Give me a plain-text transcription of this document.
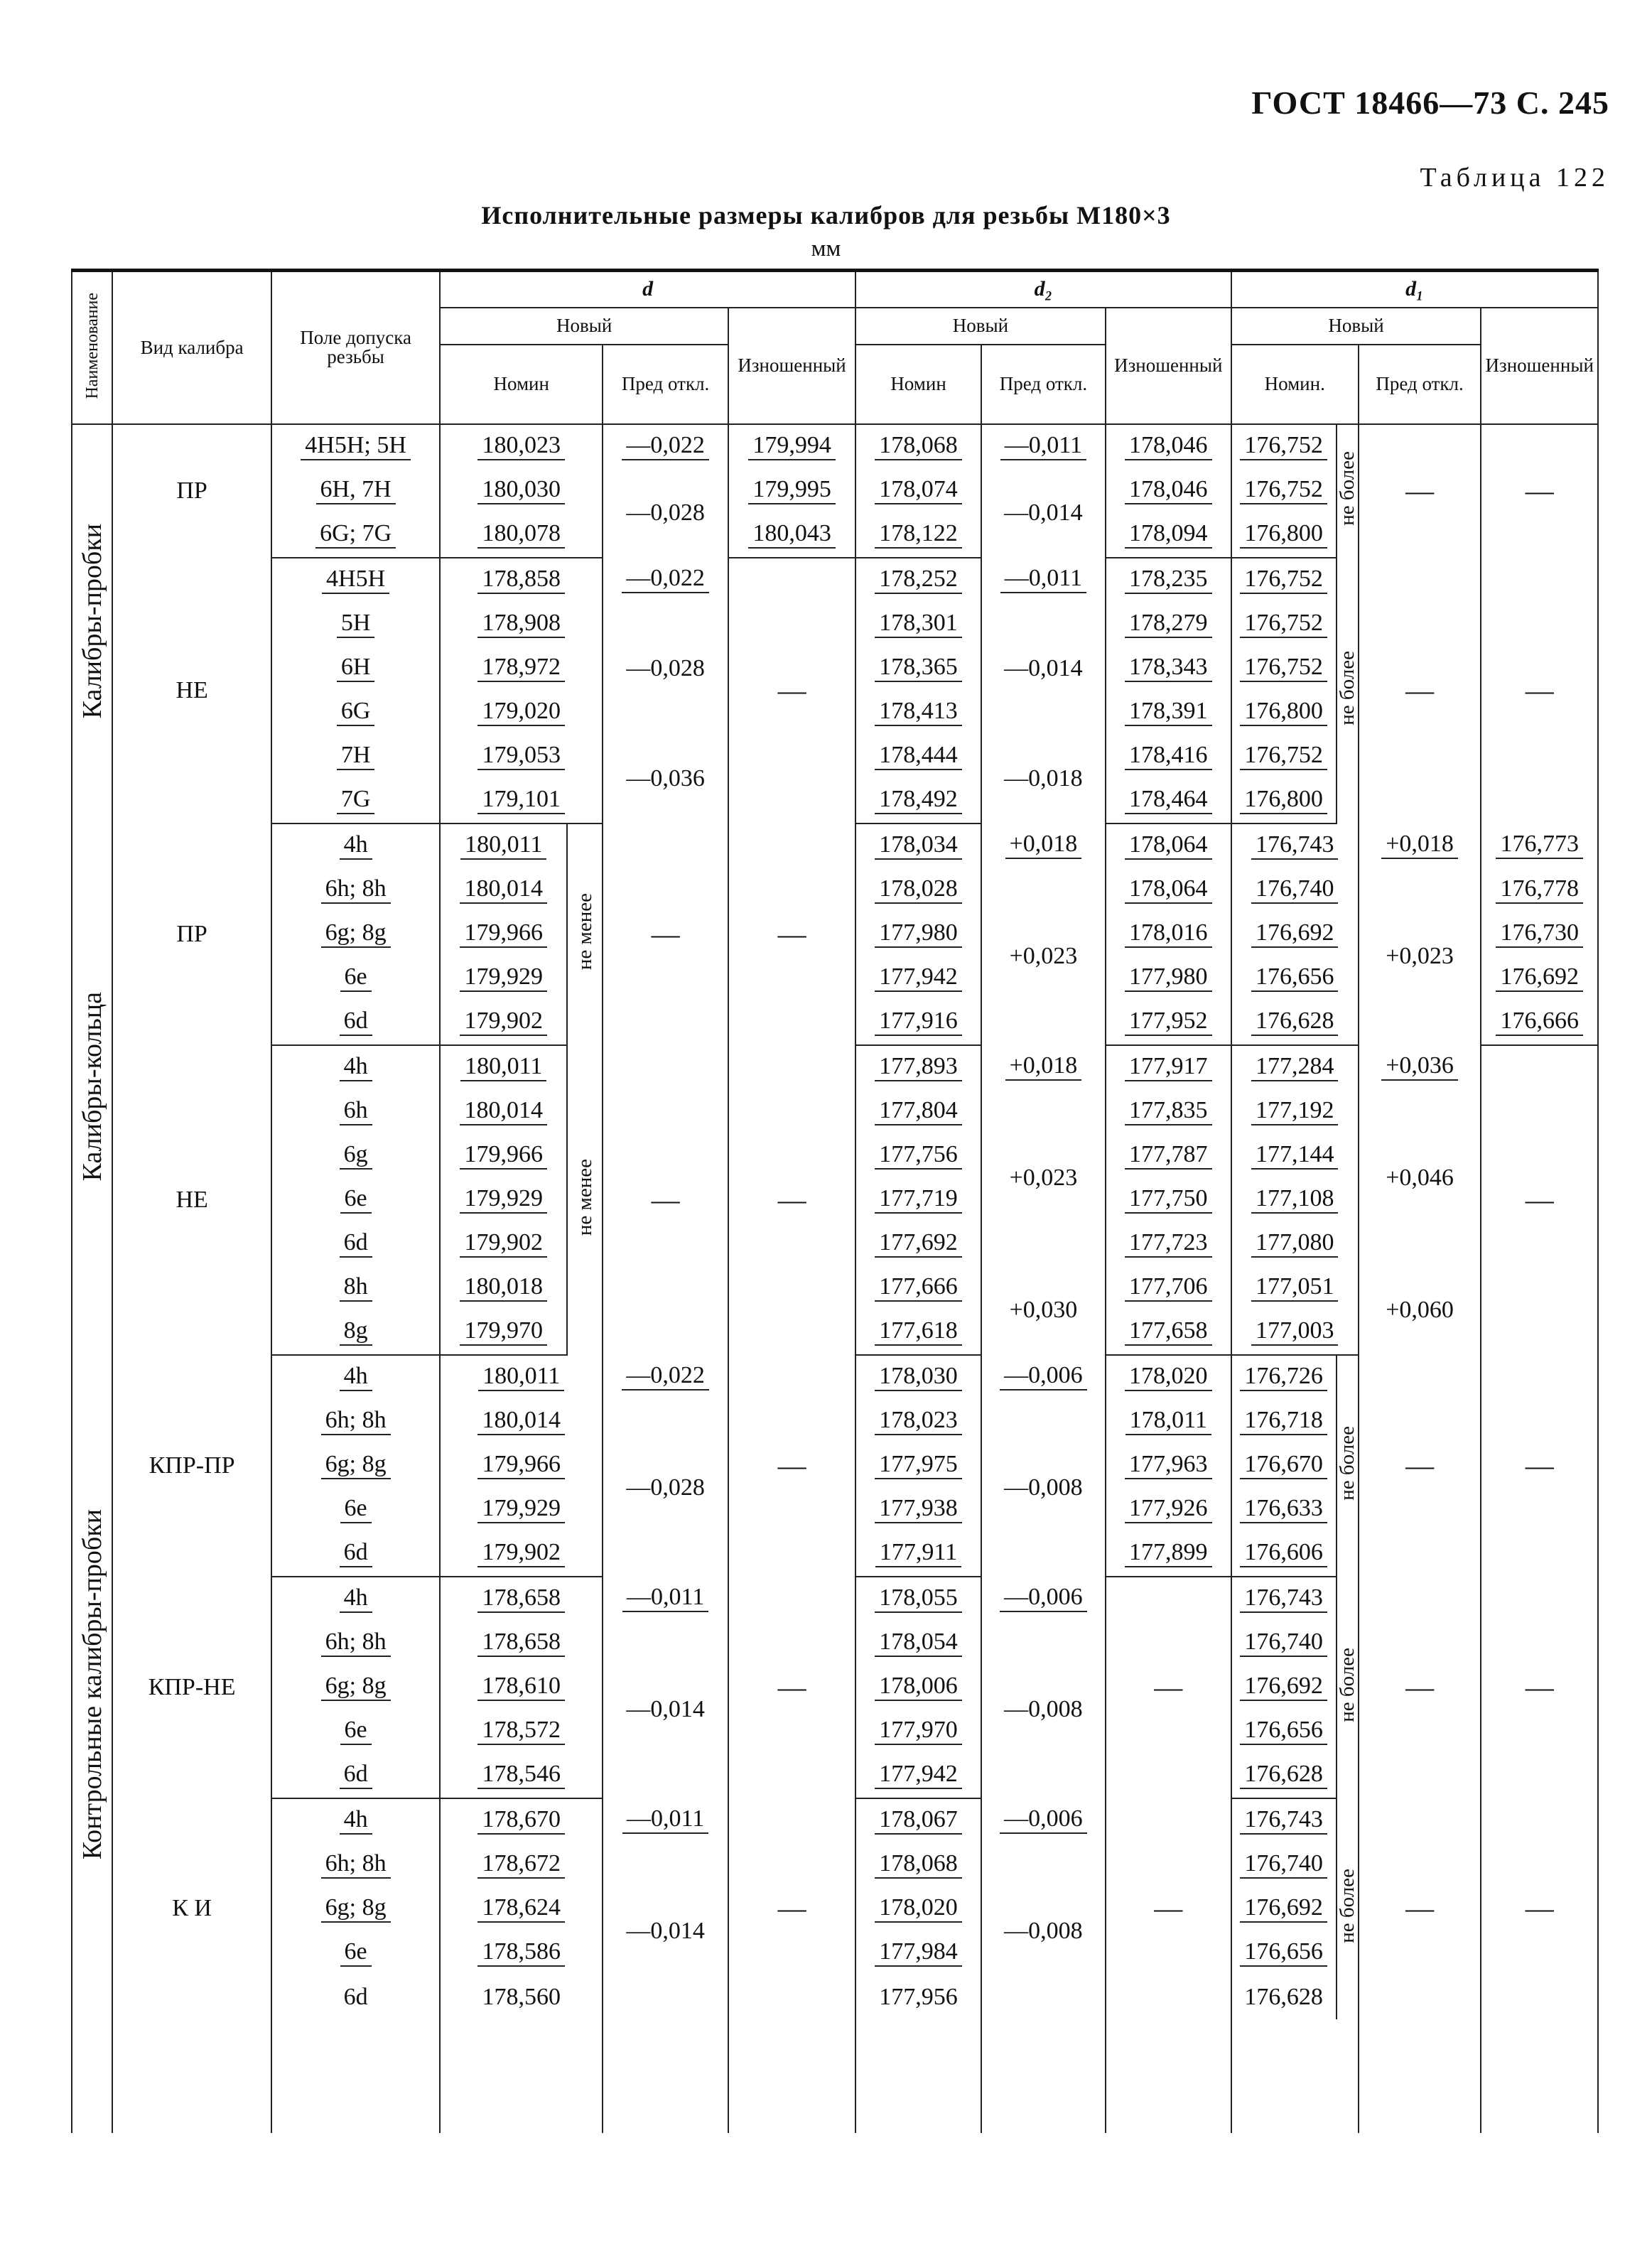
ГОСТ 18466—73 С. 245
Таблица 122
Исполнительные размеры калибров для резьбы M180×3
мм
Наименование	Вид калибра	Поле допуска резьбы	d				d₂			d₁			
			Новый			Изношенный	Новый		Изношенный	Новый			Изношенный
			Номин		Пред откл.		Номин	Пред откл.		Номин.		Пред откл.	
Калибры-пробки	ПР	4Н5Н; 5Н	180,023		—0,022	179,994	178,068	—0,011	178,046	176,752	не более	—	—
		6Н, 7Н	180,030		—0,028	179,995	178,074	—0,014	178,046	176,752			
		6G; 7G	180,078			180,043	178,122		178,094	176,800			
	НЕ	4Н5Н	178,858		—0,022	—	178,252	—0,011	178,235	176,752	не более	—	—
		5Н	178,908		—0,028		178,301	—0,014	178,279	176,752			
		6Н	178,972				178,365		178,343	176,752			
		6G	179,020				178,413		178,391	176,800			
		7Н	179,053		—0,036		178,444	—0,018	178,416	176,752			
		7G	179,101				178,492		178,464	176,800			
Калибры-кольца	ПР	4h	180,011	не менее	—	—	178,034	+0,018	178,064	176,743		+0,018	176,773
		6h; 8h	180,014				178,028	+0,023	178,064	176,740		+0,023	176,778
		6g; 8g	179,966				177,980		178,016	176,692			176,730
		6е	179,929				177,942		177,980	176,656			176,692
		6d	179,902				177,916		177,952	176,628			176,666
	НЕ	4h	180,011	не менее	—	—	177,893	+0,018	177,917	177,284		+0,036	—
		6h	180,014				177,804	+0,023	177,835	177,192		+0,046	
		6g	179,966				177,756		177,787	177,144			
		6е	179,929				177,719		177,750	177,108			
		6d	179,902				177,692		177,723	177,080			
		8h	180,018				177,666	+0,030	177,706	177,051		+0,060	
		8g	179,970				177,618		177,658	177,003			
Контрольные калибры-пробки	КПР-ПР	4h	180,011		—0,022	—	178,030	—0,006	178,020	176,726	не более	—	—
		6h; 8h	180,014		—0,028		178,023	—0,008	178,011	176,718			
		6g; 8g	179,966				177,975		177,963	176,670			
		6е	179,929				177,938		177,926	176,633			
		6d	179,902				177,911		177,899	176,606			
	КПР-НЕ	4h	178,658		—0,011	—	178,055	—0,006	—	176,743	не более	—	—
		6h; 8h	178,658		—0,014		178,054	—0,008		176,740			
		6g; 8g	178,610				178,006			176,692			
		6е	178,572				177,970			176,656			
		6d	178,546				177,942			176,628			
	К И	4h	178,670		—0,011	—	178,067	—0,006	—	176,743	не более	—	—
		6h; 8h	178,672		—0,014		178,068	—0,008		176,740			
		6g; 8g	178,624				178,020			176,692			
		6е	178,586				177,984			176,656			
		6d	178,560				177,956			176,628			
